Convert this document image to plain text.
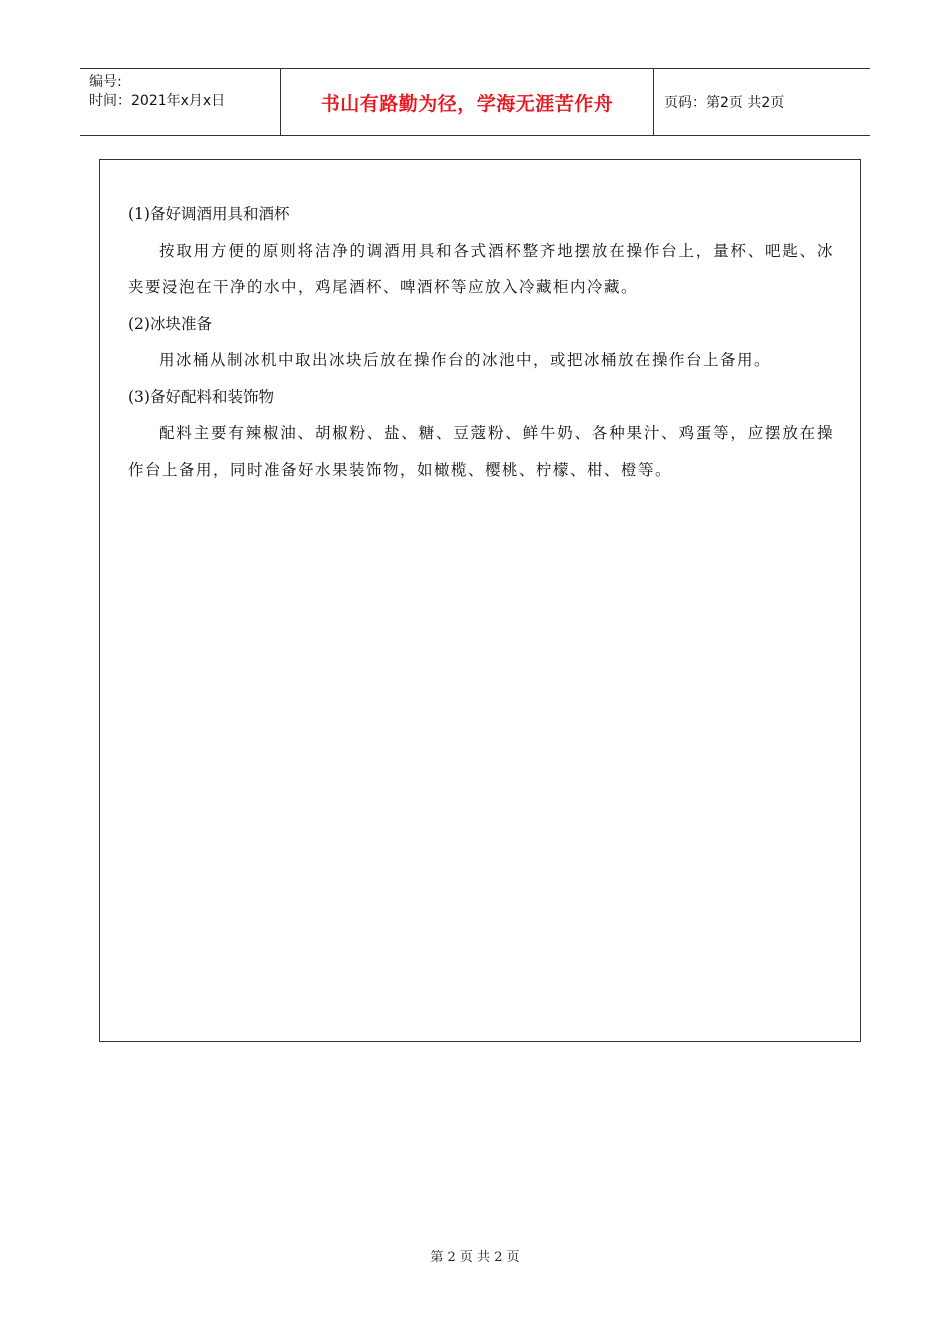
编号:
时间：2021年x月x日	书山有路勤为径，学海无涯苦作舟	页码：第2页 共2页

(1)备好调酒用具和酒杯

按取用方便的原则将洁净的调酒用具和各式酒杯整齐地摆放在操作台上，量杯、吧匙、冰夹要浸泡在干净的水中，鸡尾酒杯、啤酒杯等应放入冷藏柜内冷藏。

(2)冰块准备

用冰桶从制冰机中取出冰块后放在操作台的冰池中，或把冰桶放在操作台上备用。

(3)备好配料和装饰物

配料主要有辣椒油、胡椒粉、盐、糖、豆蔻粉、鲜牛奶、各种果汁、鸡蛋等，应摆放在操作台上备用，同时准备好水果装饰物，如橄榄、樱桃、柠檬、柑、橙等。

第 2 页 共 2 页
